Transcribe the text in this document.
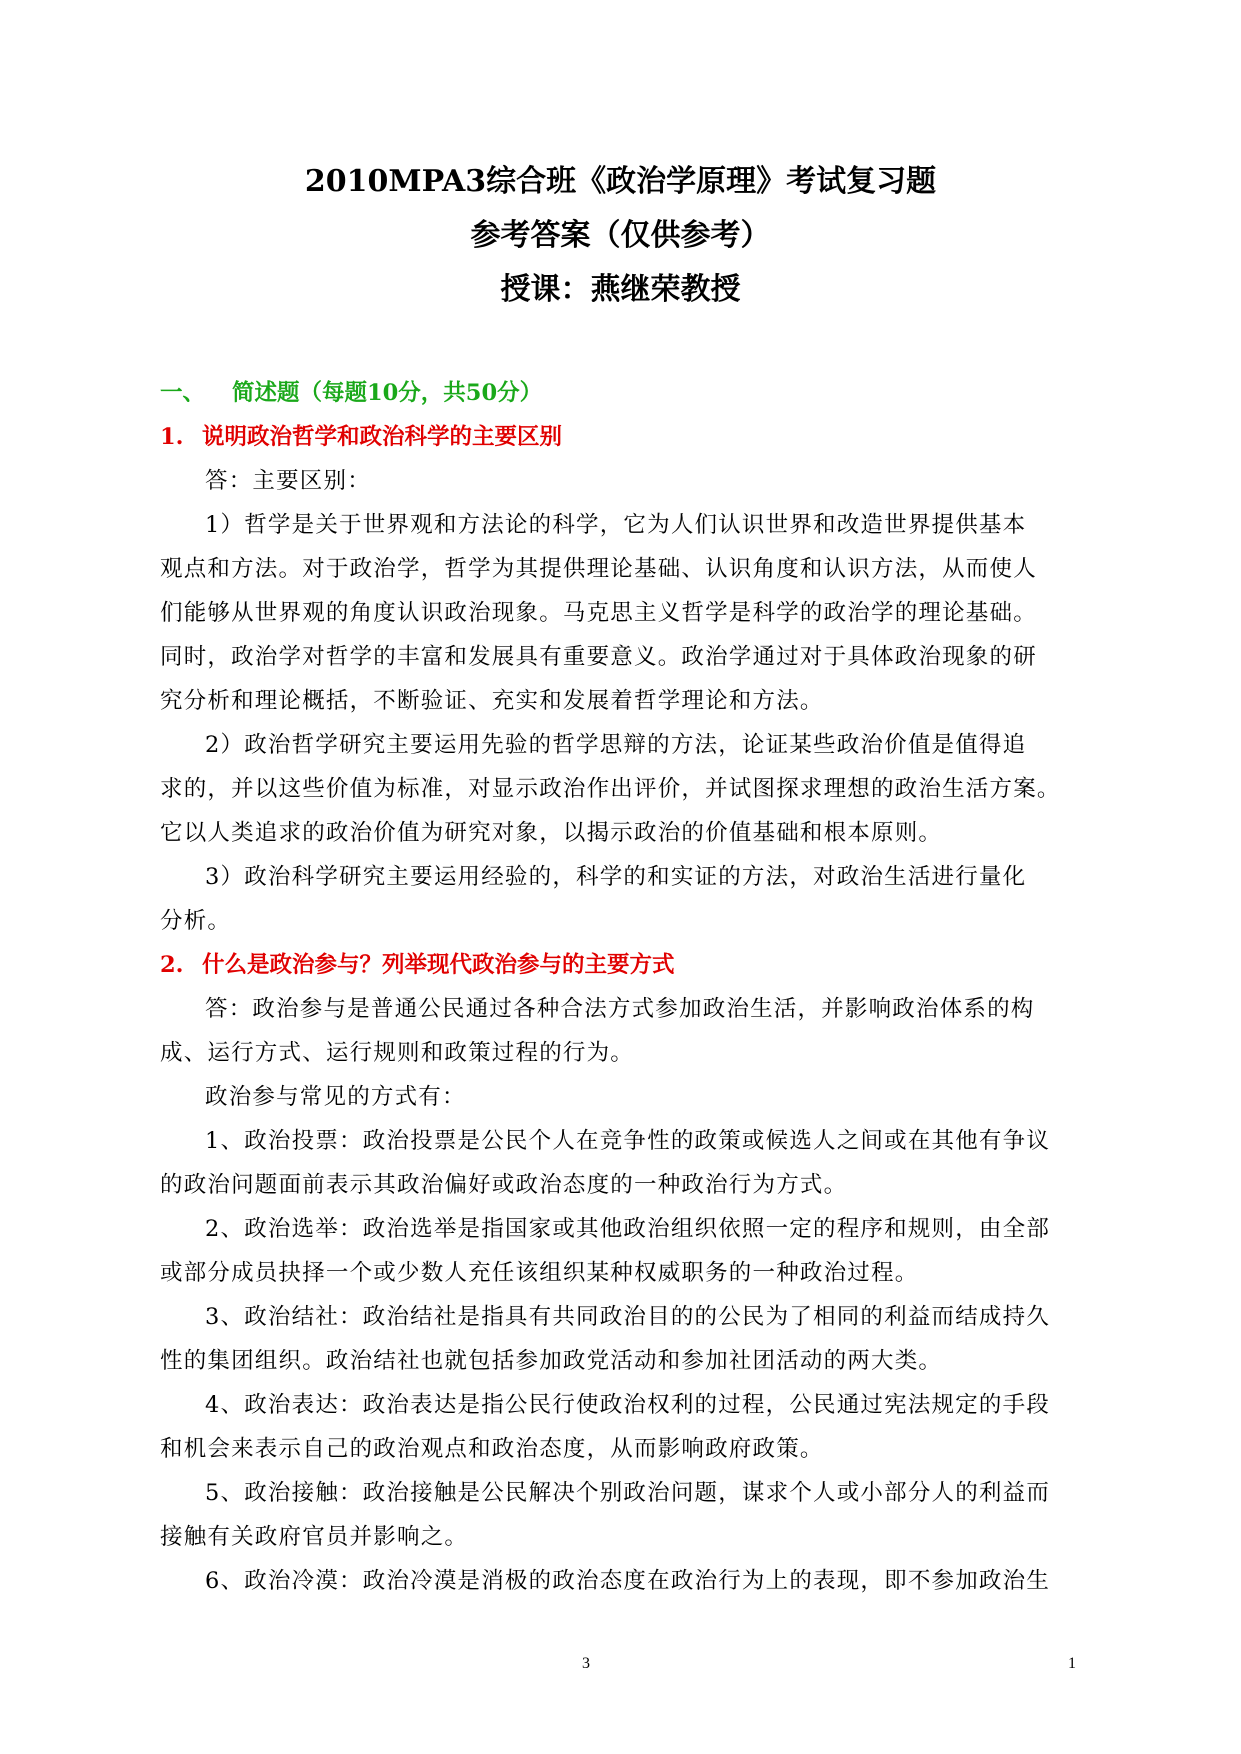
2010MPA3综合班《政治学原理》考试复习题
参考答案（仅供参考）
授课：燕继荣教授
一、 简述题（每题10分，共50分）
1. 说明政治哲学和政治科学的主要区别
答：主要区别：
1）哲学是关于世界观和方法论的科学，它为人们认识世界和改造世界提供基本
观点和方法。对于政治学，哲学为其提供理论基础、认识角度和认识方法，从而使人
们能够从世界观的角度认识政治现象。马克思主义哲学是科学的政治学的理论基础。
同时，政治学对哲学的丰富和发展具有重要意义。政治学通过对于具体政治现象的研
究分析和理论概括，不断验证、充实和发展着哲学理论和方法。
2）政治哲学研究主要运用先验的哲学思辩的方法，论证某些政治价值是值得追
求的，并以这些价值为标准，对显示政治作出评价，并试图探求理想的政治生活方案。
它以人类追求的政治价值为研究对象，以揭示政治的价值基础和根本原则。
3）政治科学研究主要运用经验的，科学的和实证的方法，对政治生活进行量化
分析。
2. 什么是政治参与？列举现代政治参与的主要方式
答：政治参与是普通公民通过各种合法方式参加政治生活，并影响政治体系的构
成、运行方式、运行规则和政策过程的行为。
政治参与常见的方式有：
1、政治投票：政治投票是公民个人在竞争性的政策或候选人之间或在其他有争议
的政治问题面前表示其政治偏好或政治态度的一种政治行为方式。
2、政治选举：政治选举是指国家或其他政治组织依照一定的程序和规则，由全部
或部分成员抉择一个或少数人充任该组织某种权威职务的一种政治过程。
3、政治结社：政治结社是指具有共同政治目的的公民为了相同的利益而结成持久
性的集团组织。政治结社也就包括参加政党活动和参加社团活动的两大类。
4、政治表达：政治表达是指公民行使政治权利的过程，公民通过宪法规定的手段
和机会来表示自己的政治观点和政治态度，从而影响政府政策。
5、政治接触：政治接触是公民解决个别政治问题，谋求个人或小部分人的利益而
接触有关政府官员并影响之。
6、政治冷漠：政治冷漠是消极的政治态度在政治行为上的表现，即不参加政治生
3	1
